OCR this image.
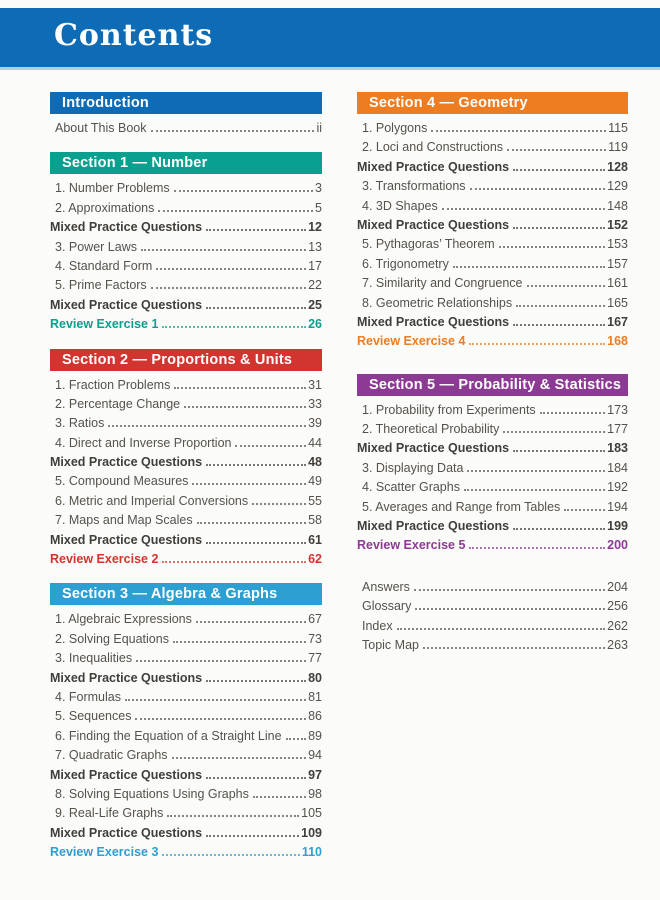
Contents
Introduction
About This Book	ii
Section 1 — Number
1. Number Problems	3
2. Approximations	5
Mixed Practice Questions	12
3. Power Laws	13
4. Standard Form	17
5. Prime Factors	22
Mixed Practice Questions	25
Review Exercise 1	26
Section 2 — Proportions & Units
1. Fraction Problems	31
2. Percentage Change	33
3. Ratios	39
4. Direct and Inverse Proportion	44
Mixed Practice Questions	48
5. Compound Measures	49
6. Metric and Imperial Conversions	55
7. Maps and Map Scales	58
Mixed Practice Questions	61
Review Exercise 2	62
Section 3 — Algebra & Graphs
1. Algebraic Expressions	67
2. Solving Equations	73
3. Inequalities	77
Mixed Practice Questions	80
4. Formulas	81
5. Sequences	86
6. Finding the Equation of a Straight Line 89
7. Quadratic Graphs	94
Mixed Practice Questions	97
8. Solving Equations Using Graphs	98
9. Real-Life Graphs	105
Mixed Practice Questions	109
Review Exercise 3	110
Section 4 — Geometry
1. Polygons	115
2. Loci and Constructions	119
Mixed Practice Questions	128
3. Transformations	129
4. 3D Shapes	148
Mixed Practice Questions	152
5. Pythagoras’ Theorem	153
6. Trigonometry	157
7. Similarity and Congruence	161
8. Geometric Relationships	165
Mixed Practice Questions	167
Review Exercise 4	168
Section 5 — Probability & Statistics
1. Probability from Experiments	173
2. Theoretical Probability	177
Mixed Practice Questions	183
3. Displaying Data	184
4. Scatter Graphs	192
5. Averages and Range from Tables	194
Mixed Practice Questions	199
Review Exercise 5	200
Answers	204
Glossary	256
Index	262
Topic Map	263
